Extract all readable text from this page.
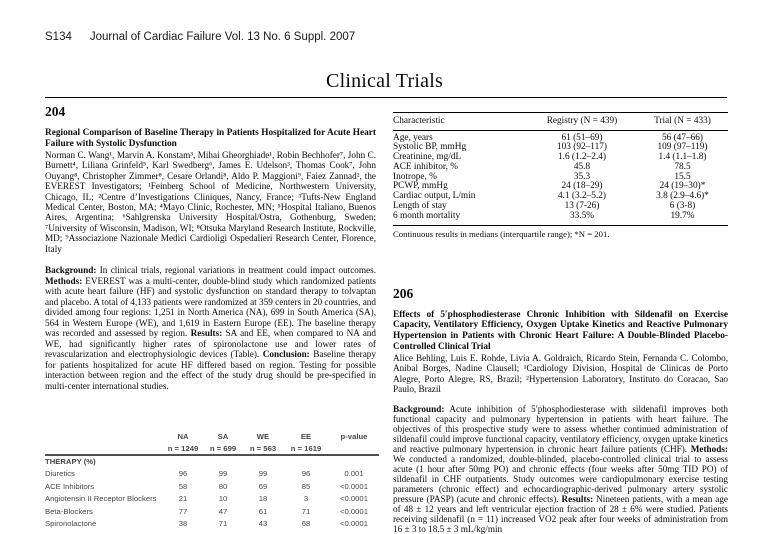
S134 Journal of Cardiac Failure Vol. 13 No. 6 Suppl. 2007
Clinical Trials
204
Regional Comparison of Baseline Therapy in Patients Hospitalized for Acute Heart Failure with Systolic Dysfunction
Norman C. Wang¹, Marvin A. Konstam³, Mihai Gheorghiade¹, Robin Bechhofer⁷, John C. Burnett⁴, Liliana Grinfeld⁵, Karl Swedberg⁶, James E. Udelson³, Thomas Cook⁷, John Ouyang⁸, Christopher Zimmer⁸, Cesare Orlandi⁸, Aldo P. Maggioni⁹, Faiez Zannad², the EVEREST Investigators; ¹Feinberg School of Medicine, Northwestern University, Chicago, IL; ²Centre d’Investigations Cliniques, Nancy, France; ³Tufts-New England Medical Center, Boston, MA; ⁴Mayo Clinic, Rochester, MN; ⁵Hospital Italiano, Buenos Aires, Argentina; ⁶Sahlgrenska University Hospital/Ostra, Gothenburg, Sweden; ⁷University of Wisconsin, Madison, WI; ⁸Otsuka Maryland Research Institute, Rockville, MD; ⁹Associazione Nazionale Medici Cardioligi Ospedalieri Research Center, Florence, Italy

Background: In clinical trials, regional variations in treatment could impact outcomes. Methods: EVEREST was a multi-center, double-blind study which randomized patients with acute heart failure (HF) and systolic dysfunction on standard therapy to tolvaptan and placebo. A total of 4,133 patients were randomized at 359 centers in 20 countries, and divided among four regions: 1,251 in North America (NA), 699 in South America (SA), 564 in Western Europe (WE), and 1,619 in Eastern Europe (EE). The baseline therapy was recorded and assessed by region. Results: SA and EE, when compared to NA and WE, had significantly higher rates of spironolactone use and lower rates of revascularization and electrophysiologic devices (Table). Conclusion: Baseline therapy for patients hospitalized for acute HF differed based on region. Testing for possible interaction between region and the effect of the study drug should be pre-specified in multi-center international studies.

	NA	SA	WE	EE	p-value
	n = 1249	n = 699	n = 563	n = 1619	
THERAPY (%)					
Diuretics	96	99	99	96	0.001
ACE Inhibitors	58	80	69	85	<0.0001
Angiotensin II Receptor Blockers	21	10	18	3	<0.0001
Beta-Blockers	77	47	61	71	<0.0001
Spironolactone	38	71	43	68	<0.0001
Characteristic	Registry (N = 439)	Trial (N = 433)
Age, years	61 (51–69)	56 (47–66)
Systolic BP, mmHg	103 (92–117)	109 (97–119)
Creatinine, mg/dL	1.6 (1.2–2.4)	1.4 (1.1–1.8)
ACE inhibitor, %	45.8	78.5
Inotrope, %	35.3	15.5
PCWP, mmHg	24 (18–29)	24 (19–30)*
Cardiac output, L/min	4.1 (3.2–5.2)	3.8 (2.9–4.6)*
Length of stay	13 (7-26)	6 (3-8)
6 month mortality	33.5%	19.7%
Continuous results in medians (interquartile range); *N = 201.
206
Effects of 5′phosphodiesterase Chronic Inhibition with Sildenafil on Exercise Capacity, Ventilatory Efficiency, Oxygen Uptake Kinetics and Reactive Pulmonary Hypertension in Patients with Chronic Heart Failure: A Double-Blinded Placebo-Controlled Clinical Trial
Alice Behling, Luis E. Rohde, Livia A. Goldraich, Ricardo Stein, Fernanda C. Colombo, Anibal Borges, Nadine Clausell; ¹Cardiology Division, Hospital de Clinicas de Porto Alegre, Porto Alegre, RS, Brazil; ²Hypertension Laboratory, Instituto do Coracao, Sao Paulo, Brazil

Background: Acute inhibition of 5′phosphodiesterase with sildenafil improves both functional capacity and pulmonary hypertension in patients with heart failure. The objectives of this prospective study were to assess whether continued administration of sildenafil could improve functional capacity, ventilatory efficiency, oxygen uptake kinetics and reactive pulmonary hypertension in chronic heart failure patients (CHF). Methods: We conducted a randomized, double-blinded, placebo-controlled clinical trial to assess acute (1 hour after 50mg PO) and chronic effects (four weeks after 50mg TID PO) of sildenafil in CHF outpatients. Study outcomes were cardiopulmonary exercise testing parameters (chronic effect) and echocardiographic-derived pulmonary artery systolic pressure (PASP) (acute and chronic effects). Results: Nineteen patients, with a mean age of 48 ± 12 years and left ventricular ejection fraction of 28 ± 6% were studied. Patients receiving sildenafil (n = 11) increased VO2 peak after four weeks of administration from 16 ± 3 to 18.5 ± 3 mL/kg/min
